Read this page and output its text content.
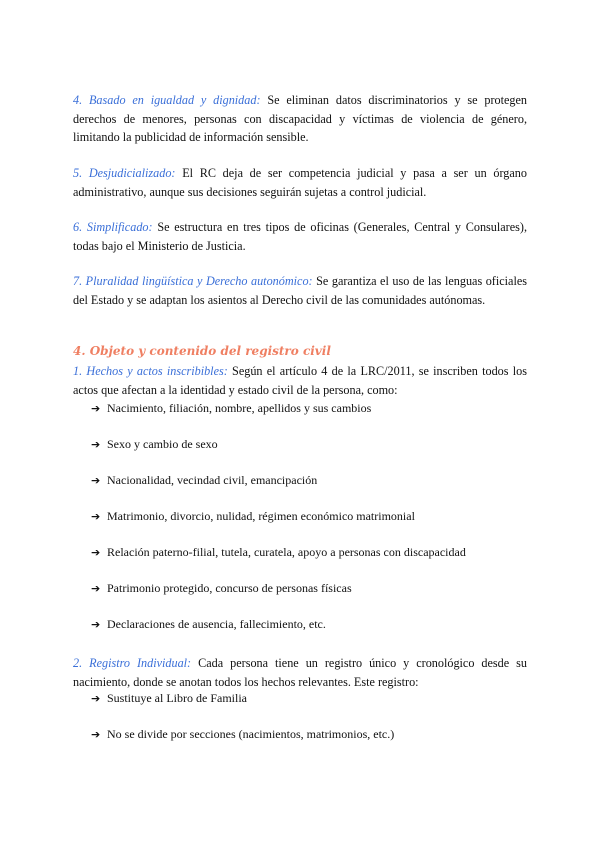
4. Basado en igualdad y dignidad: Se eliminan datos discriminatorios y se protegen derechos de menores, personas con discapacidad y víctimas de violencia de género, limitando la publicidad de información sensible.

5. Desjudicializado: El RC deja de ser competencia judicial y pasa a ser un órgano administrativo, aunque sus decisiones seguirán sujetas a control judicial.

6. Simplificado: Se estructura en tres tipos de oficinas (Generales, Central y Consulares), todas bajo el Ministerio de Justicia.

7. Pluralidad lingüística y Derecho autonómico: Se garantiza el uso de las lenguas oficiales del Estado y se adaptan los asientos al Derecho civil de las comunidades autónomas.

4. Objeto y contenido del registro civil

1. Hechos y actos inscribibles: Según el artículo 4 de la LRC/2011, se inscriben todos los actos que afectan a la identidad y estado civil de la persona, como:

➔ Nacimiento, filiación, nombre, apellidos y sus cambios
➔ Sexo y cambio de sexo
➔ Nacionalidad, vecindad civil, emancipación
➔ Matrimonio, divorcio, nulidad, régimen económico matrimonial
➔ Relación paterno-filial, tutela, curatela, apoyo a personas con discapacidad
➔ Patrimonio protegido, concurso de personas físicas
➔ Declaraciones de ausencia, fallecimiento, etc.

2. Registro Individual: Cada persona tiene un registro único y cronológico desde su nacimiento, donde se anotan todos los hechos relevantes. Este registro:

➔ Sustituye al Libro de Familia
➔ No se divide por secciones (nacimientos, matrimonios, etc.)
